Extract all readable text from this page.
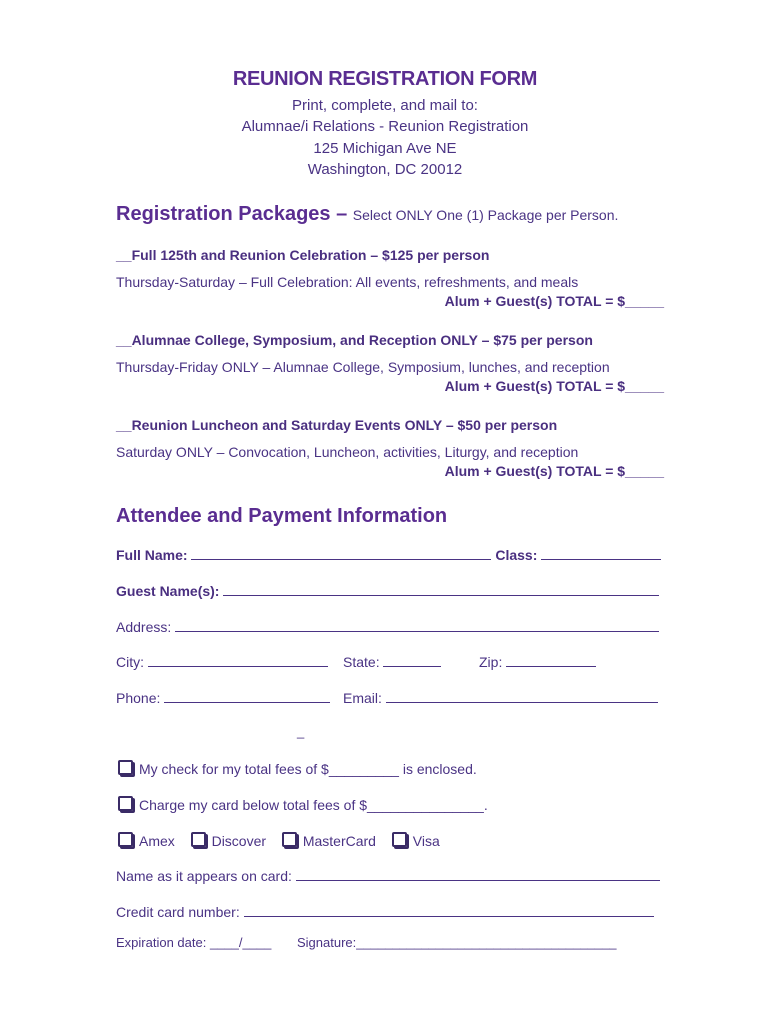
REUNION REGISTRATION FORM
Print, complete, and mail to:
Alumnae/i Relations - Reunion Registration
125 Michigan Ave NE
Washington, DC 20012
Registration Packages – Select ONLY One (1) Package per Person.
__Full 125th and Reunion Celebration – $125 per person
Thursday-Saturday – Full Celebration: All events, refreshments, and meals
Alum + Guest(s) TOTAL = $_____
__Alumnae College, Symposium, and Reception ONLY – $75 per person
Thursday-Friday ONLY – Alumnae College, Symposium, lunches, and reception
Alum + Guest(s) TOTAL = $_____
__Reunion Luncheon and Saturday Events ONLY – $50 per person
Saturday ONLY – Convocation, Luncheon, activities, Liturgy, and reception
Alum + Guest(s) TOTAL = $_____
Attendee and Payment Information
Full Name:	Class:
Guest Name(s):
Address:
City:	State:	Zip:
Phone:	Email:
_
My check for my total fees of $_________ is enclosed.
Charge my card below total fees of $_______________.
Amex	Discover	MasterCard	Visa
Name as it appears on card:
Credit card number:
Expiration date: ____/____ Signature:____________________________________
